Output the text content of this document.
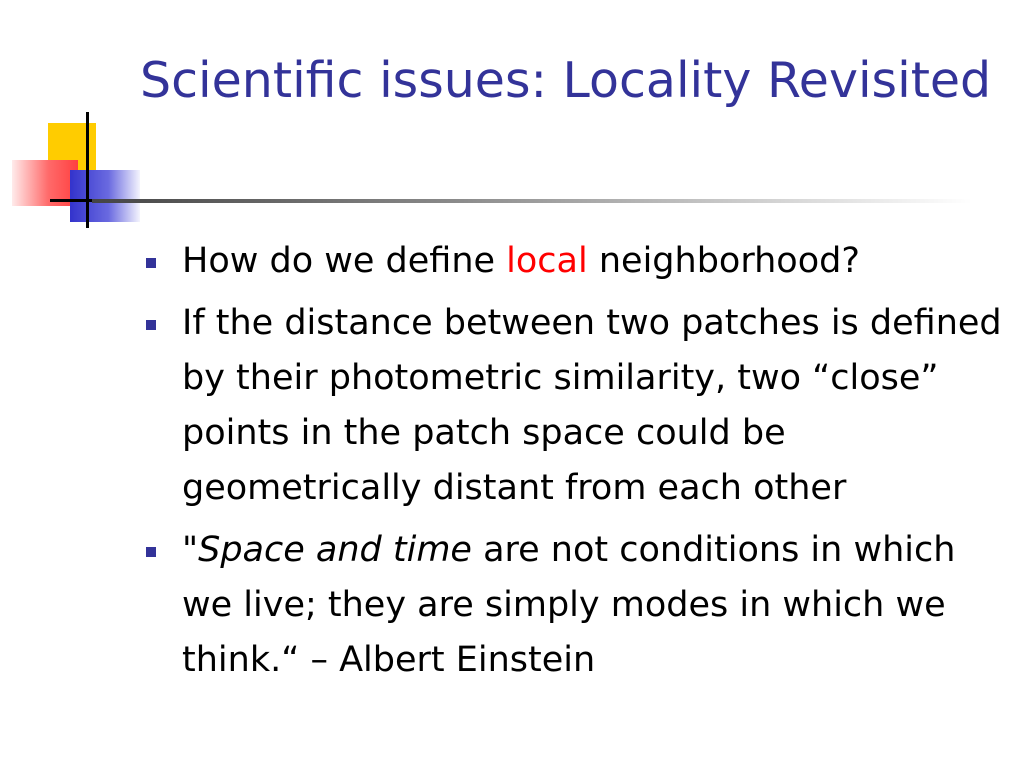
Scientific issues: Locality Revisited
How do we define local neighborhood?
If the distance between two patches is defined by their photometric similarity, two “close” points in the patch space could be geometrically distant from each other
"Space and time are not conditions in which we live; they are simply modes in which we think.“ – Albert Einstein
